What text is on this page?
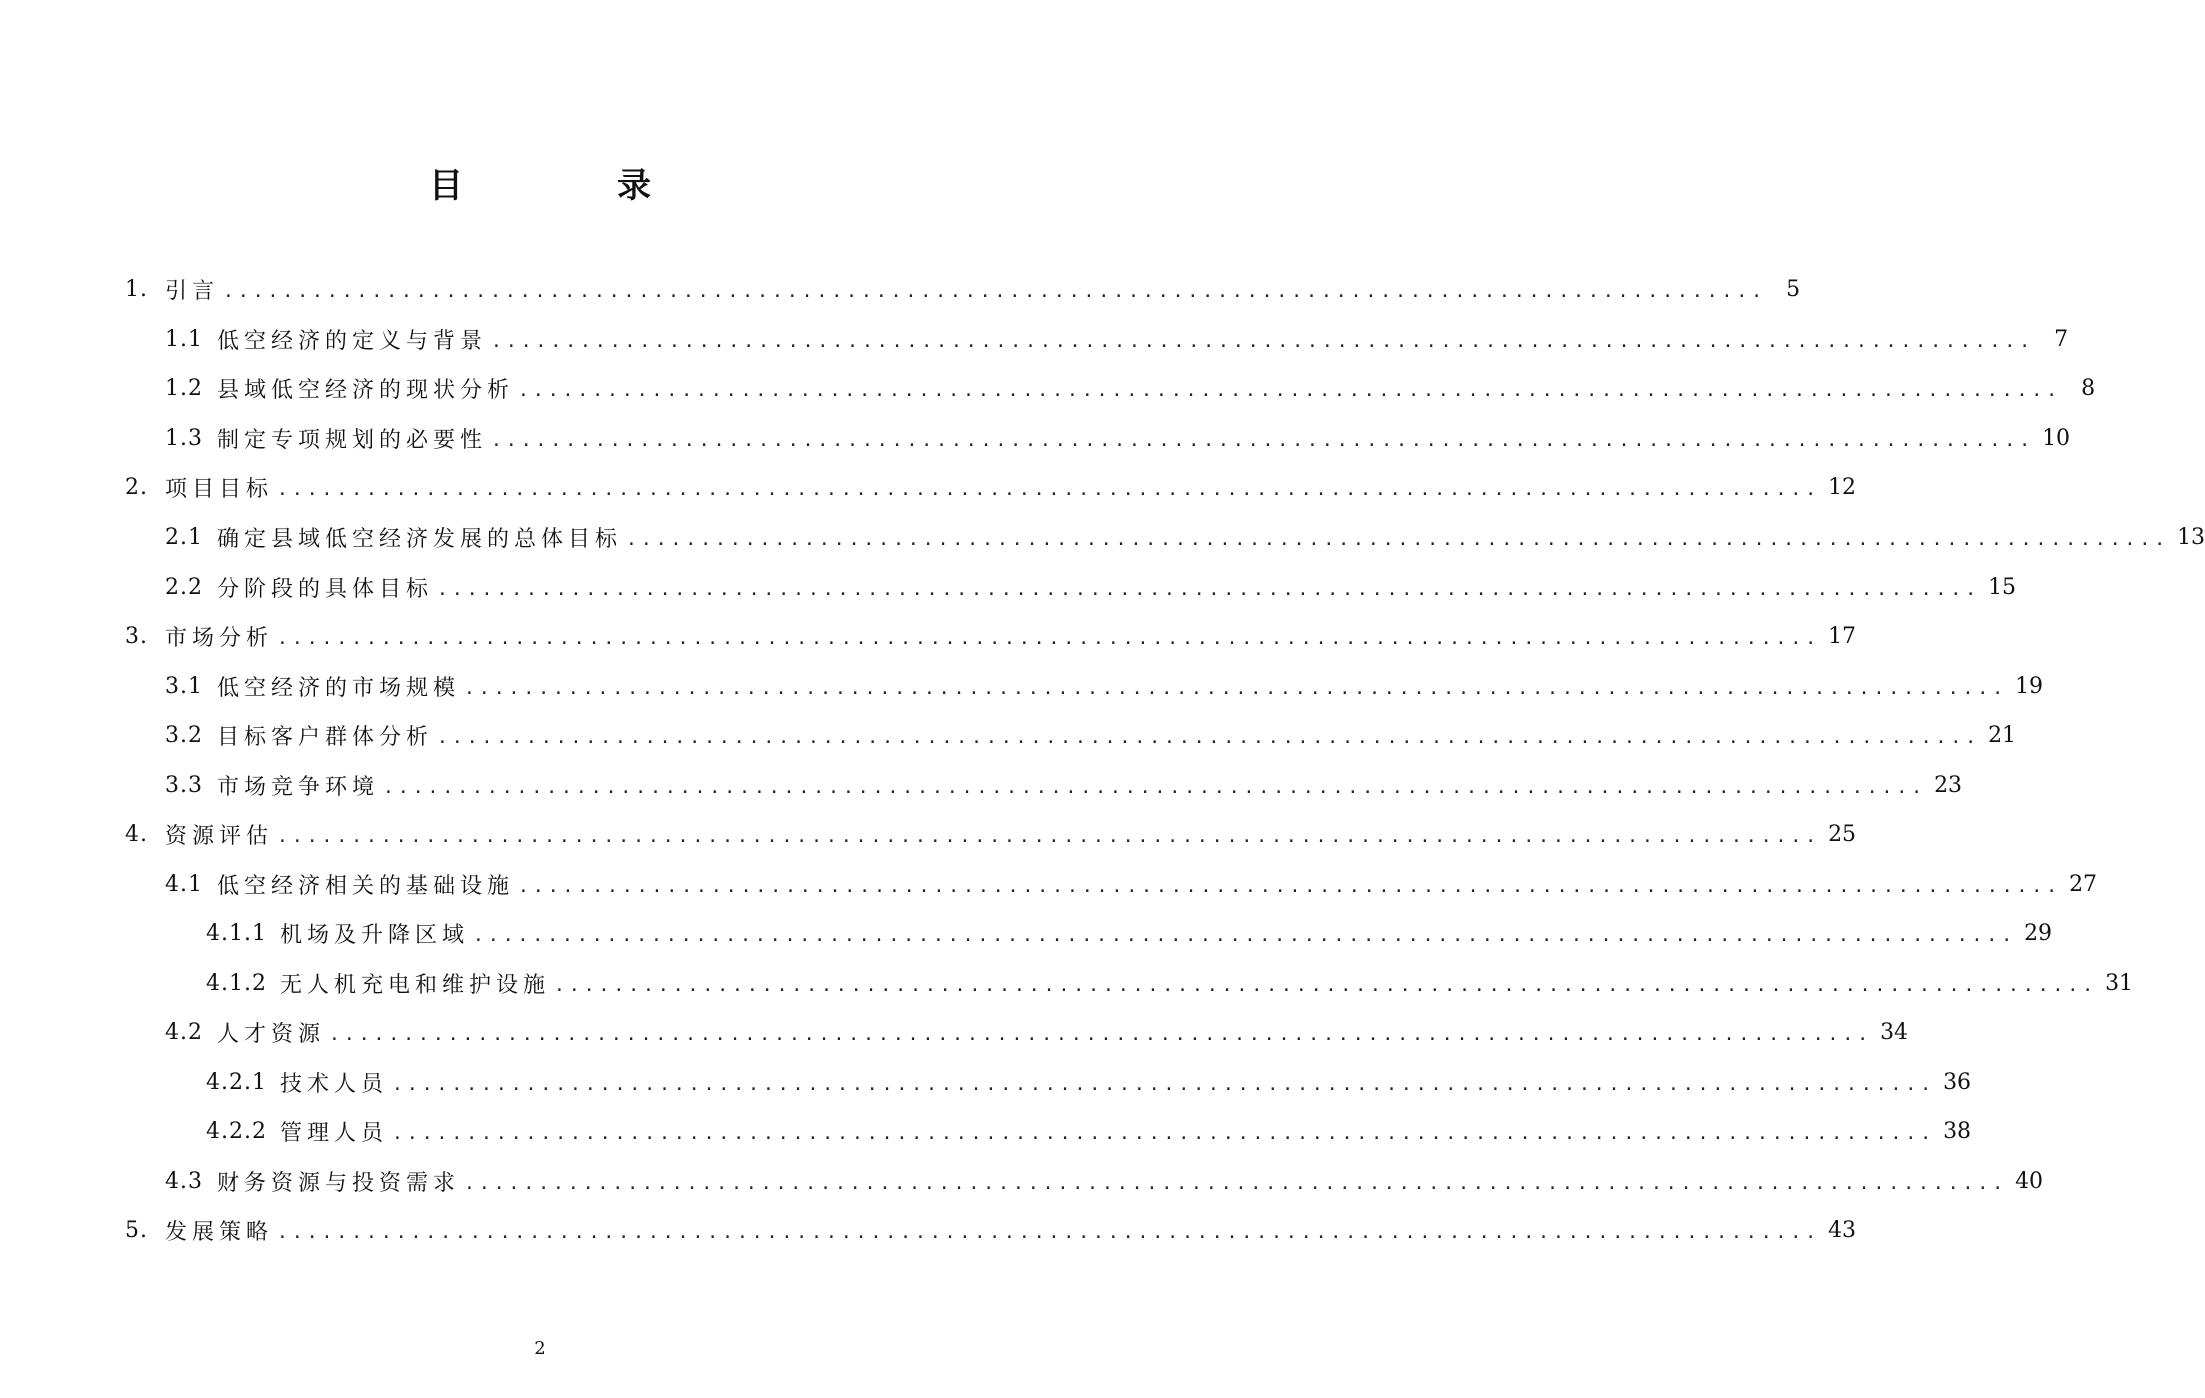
目　录
1. 引言 ........................................................................................................ 5
1.1 低空经济的定义与背景 ........................................................................................................ 7
1.2 县域低空经济的现状分析 ........................................................................................................ 8
1.3 制定专项规划的必要性 ........................................................................................................ 10
2. 项目目标 ........................................................................................................ 12
2.1 确定县域低空经济发展的总体目标 ........................................................................................................ 13
2.2 分阶段的具体目标 ........................................................................................................ 15
3. 市场分析 ........................................................................................................ 17
3.1 低空经济的市场规模 ........................................................................................................ 19
3.2 目标客户群体分析 ........................................................................................................ 21
3.3 市场竞争环境 ........................................................................................................ 23
4. 资源评估 ........................................................................................................ 25
4.1 低空经济相关的基础设施 ........................................................................................................ 27
4.1.1 机场及升降区域 ........................................................................................................ 29
4.1.2 无人机充电和维护设施 ........................................................................................................ 31
4.2 人才资源 ........................................................................................................ 34
4.2.1 技术人员 ........................................................................................................ 36
4.2.2 管理人员 ........................................................................................................ 38
4.3 财务资源与投资需求 ........................................................................................................ 40
5. 发展策略 ........................................................................................................ 43
2
